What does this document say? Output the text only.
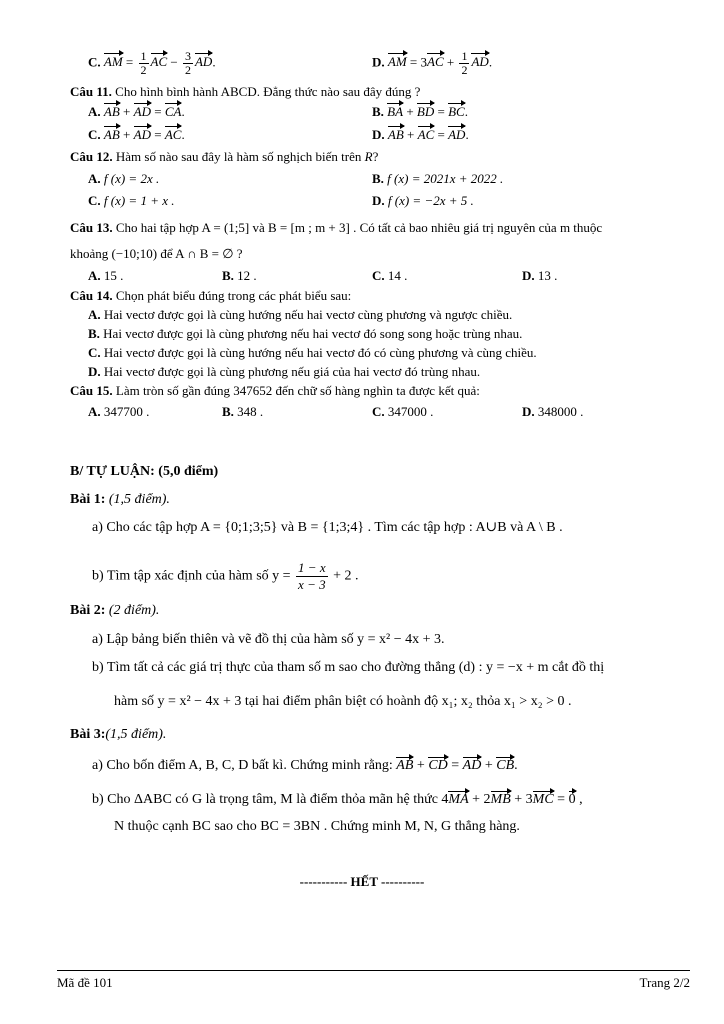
C. AM = $\frac{1}{2}$ AC − $\frac{3}{2}$ AD.	D. AM = $3AC + \frac{1}{2}$ AD.
Câu 11. Cho hình bình hành ABCD. Đẳng thức nào sau đây đúng ?
A. AB + AD = CA.	B. BA + BD = BC.
C. AB + AD = AC.	D. AB + AC = AD.
Câu 12. Hàm số nào sau đây là hàm số nghịch biến trên R?
A. f (x) = 2x .	B. f (x) = 2021x + 2022 .
C. f (x) = 1 + x .	D. f (x) = −2x + 5 .
Câu 13. Cho hai tập hợp A = (1;5] và B = [m ; m + 3] . Có tất cả bao nhiêu giá trị nguyên của m thuộc
khoảng (−10;10) để A ∩ B = ∅ ?
A. 15 .	B. 12 .	C. 14 .	D. 13 .
Câu 14. Chọn phát biểu đúng trong các phát biểu sau:
A. Hai vectơ được gọi là cùng hướng nếu hai vectơ cùng phương và ngược chiều.
B. Hai vectơ được gọi là cùng phương nếu hai vectơ đó song song hoặc trùng nhau.
C. Hai vectơ được gọi là cùng hướng nếu hai vectơ đó có cùng phương và cùng chiều.
D. Hai vectơ được gọi là cùng phương nếu giá của hai vectơ đó trùng nhau.
Câu 15. Làm tròn số gần đúng 347652 đến chữ số hàng nghìn ta được kết quả:
A. 347700 .	B. 348 .	C. 347000 .	D. 348000 .
B/ TỰ LUẬN: (5,0 điểm)
Bài 1: (1,5 điểm).
a) Cho các tập hợp A = {0;1;3;5} và B = {1;3;4} . Tìm các tập hợp : A∪B và A \ B .
b) Tìm tập xác định của hàm số $y = \frac{1 - x}{x - 3} + 2$ .
Bài 2: (2 điểm).
a) Lập bảng biến thiên và vẽ đồ thị của hàm số y = x² − 4x + 3.
b) Tìm tất cả các giá trị thực của tham số m sao cho đường thẳng (d) : y = −x + m cắt đồ thị
hàm số y = x² − 4x + 3 tại hai điểm phân biệt có hoành độ x₁; x₂ thỏa x₁ > x₂ > 0 .
Bài 3:(1,5 điểm).
a) Cho bốn điểm A, B, C, D bất kì. Chứng minh rằng: AB + CD = AD + CB.
b) Cho ΔABC có G là trọng tâm, M là điểm thỏa mãn hệ thức 4MA + 2MB + 3MC = 0 ,
N thuộc cạnh BC sao cho BC = 3BN . Chứng minh M, N, G thẳng hàng.
----------- HẾT ----------
Mã đề 101	Trang 2/2
